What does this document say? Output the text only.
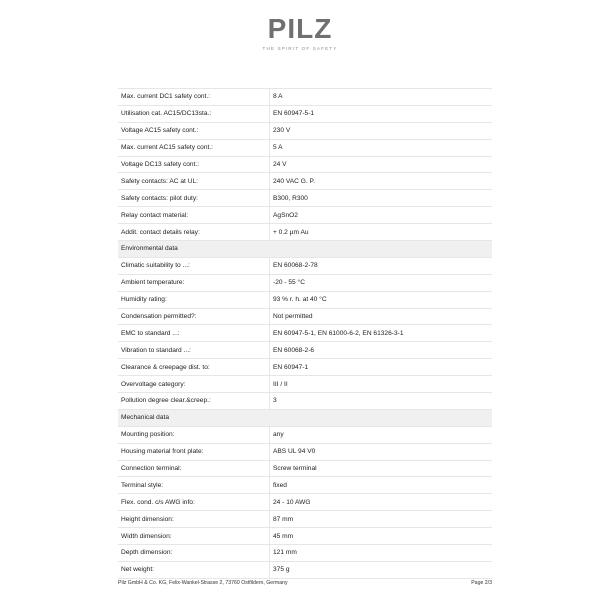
PILZ
THE SPIRIT OF SAFETY
Max. current DC1 safety cont.:	8 A
Utilisation cat. AC15/DC13sta.:	EN 60947-5-1
Voltage AC15 safety cont.:	230 V
Max. current AC15 safety cont.:	5 A
Voltage DC13 safety cont.:	24 V
Safety contacts: AC at UL:	240 VAC G. P.
Safety contacts: pilot duty:	B300, R300
Relay contact material:	AgSnO2
Addit. contact details relay:	+ 0.2 µm Au
Environmental data	
Climatic suitability to ...:	EN 60068-2-78
Ambient temperature:	-20 - 55 °C
Humidity rating:	93 % r. h. at 40 °C
Condensation permitted?:	Not permitted
EMC to standard ...:	EN 60947-5-1, EN 61000-6-2, EN 61326-3-1
Vibration to standard ...:	EN 60068-2-6
Clearance & creepage dist. to:	EN 60947-1
Overvoltage category:	III / II
Pollution degree clear.&creep.:	3
Mechanical data	
Mounting position:	any
Housing material front plate:	ABS UL 94 V0
Connection terminal:	Screw terminal
Terminal style:	fixed
Flex. cond. c/s AWG info:	24 - 10 AWG
Height dimension:	87 mm
Width dimension:	45 mm
Depth dimension:	121 mm
Net weight:	375 g
Pilz GmbH & Co. KG, Felix-Wankel-Strasse 2, 73760 Ostfildern, Germany	Page 2/3
